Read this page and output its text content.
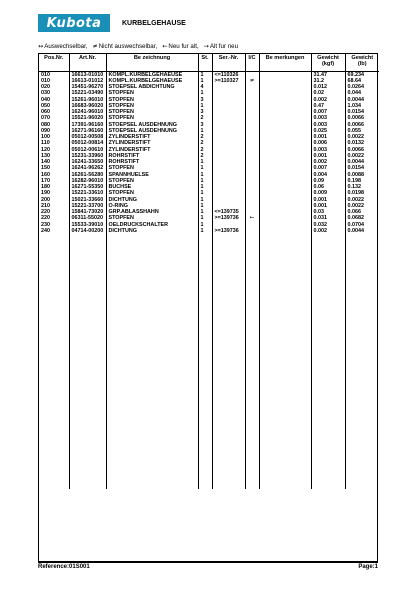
Kubota	KURBELGEHAUSE
↔ Auswechselbar, ≠ Nicht auswechselbar, ← Neu fur alt, → Alt fur neu
Pos.Nr.	Art.Nr.	Be zeichnung	St.	Ser.-Nr.	I/C	Be merkungen	Gewicht (kgf)	Gewicht (lb)
010	16613-01010	KOMPL.KURBELGEHAEUSE	1	<=110326			31.47	69.234
010	16613-01012	KOMPL.KURBELGEHAEUSE	1	>=110327	≠		31.2	68.64
020	15451-96270	STOEPSEL ABDICHTUNG	4				0.012	0.0264
030	15221-03490	STOPFEN	1				0.02	0.044
040	15261-96010	STOPFEN	3				0.002	0.0044
050	16683-96020	STOPFEN	1				0.47	1.034
060	16241-96010	STOPFEN	3				0.007	0.0154
070	15521-96020	STOPFEN	2				0.003	0.0066
080	17391-96160	STOEPSEL AUSDEHNUNG	3				0.003	0.0066
090	16271-96160	STOEPSEL AUSDEHNUNG	1				0.025	0.055
100	05012-00508	ZYLINDERSTIFT	2				0.001	0.0022
110	05012-00814	ZYLINDERSTIFT	2				0.006	0.0132
120	05012-00610	ZYLINDERSTIFT	2				0.003	0.0066
130	15231-33960	ROHRSTIFT	2				0.001	0.0022
140	16241-33650	ROHRSTIFT	1				0.002	0.0044
150	16241-96262	STOPFEN	1				0.007	0.0154
160	16261-56280	SPANNHUELSE	1				0.004	0.0088
170	16282-96010	STOPFEN	1				0.09	0.198
180	16271-55350	BUCHSE	1				0.06	0.132
190	15221-33610	STOPFEN	1				0.009	0.0198
200	15021-33660	DICHTUNG	1				0.001	0.0022
210	15221-33700	O-RING	1				0.001	0.0022
220	15841-73020	GRP.ABLASSHAHN	1	<=139735			0.03	0.066
220	06311-55020	STOPFEN	1	>=139736	←		0.031	0.0682
230	15533-39010	OELDRUCKSCHALTER	1				0.032	0.0704
240	04714-00200	DICHTUNG	1	>=139736			0.002	0.0044

Reference:01S001	Page:1
